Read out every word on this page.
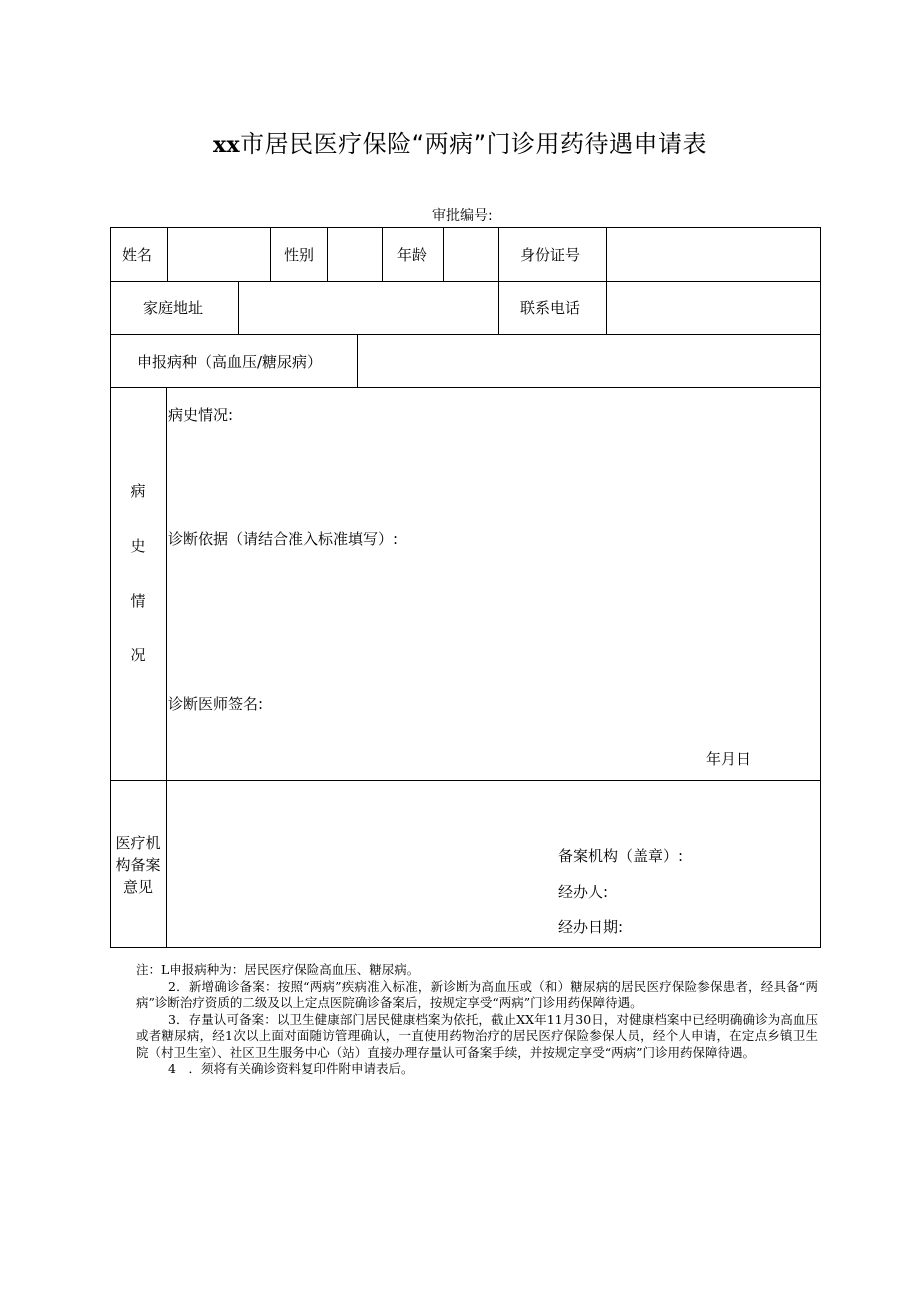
xx市居民医疗保险“两病”门诊用药待遇申请表
审批编号:
姓名	性别	年龄	身份证号
家庭地址	联系电话
申报病种（高血压/糖尿病）
病
史
情
况
病史情况:
诊断依据（请结合准入标准填写）:
诊断医师签名:
年月日
医疗机
构备案
意见
备案机构（盖章）:
经办人:
经办日期:

注：L申报病种为：居民医疗保险高血压、糖尿病。

2．新增确诊备案：按照“两病”疾病准入标准，新诊断为高血压或（和）糖尿病的居民医疗保险参保患者，经具备“两病”诊断治疗资质的二级及以上定点医院确诊备案后，按规定享受“两病”门诊用药保障待遇。

3．存量认可备案：以卫生健康部门居民健康档案为依托，截止XX年11月30日，对健康档案中已经明确确诊为高血压或者糖尿病，经1次以上面对面随访管理确认，一直使用药物治疗的居民医疗保险参保人员，经个人申请，在定点乡镇卫生院（村卫生室）、社区卫生服务中心（站）直接办理存量认可备案手续，并按规定享受“两病”门诊用药保障待遇。

4　．须将有关确诊资料复印件附申请表后。
